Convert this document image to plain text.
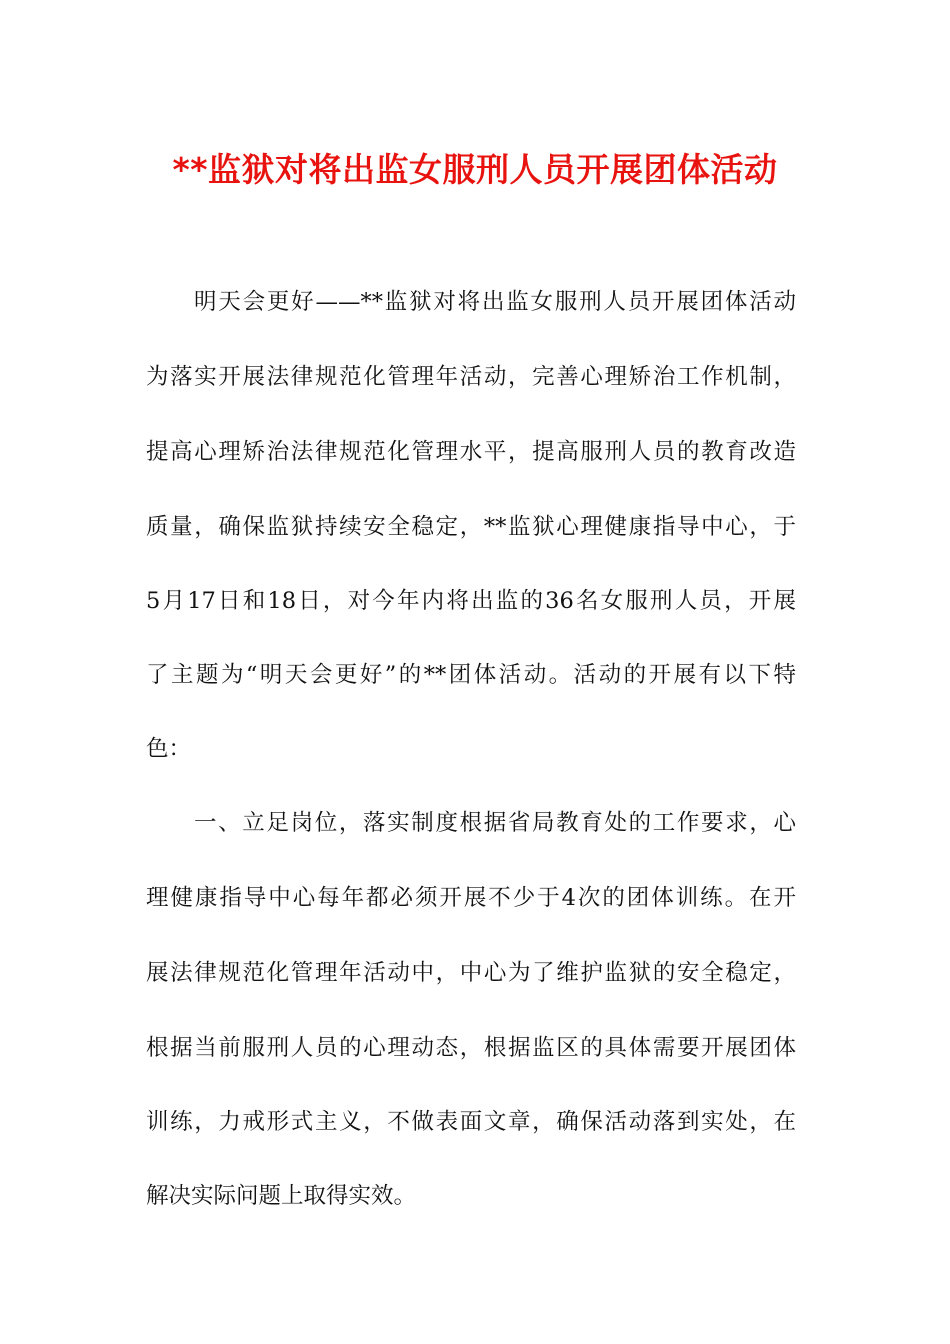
**监狱对将出监女服刑人员开展团体活动
明天会更好——**监狱对将出监女服刑人员开展团体活动
为落实开展法律规范化管理年活动，完善心理矫治工作机制，
提高心理矫治法律规范化管理水平，提高服刑人员的教育改造
质量，确保监狱持续安全稳定，**监狱心理健康指导中心，于
5月17日和18日，对今年内将出监的36名女服刑人员，开展
了主题为“明天会更好”的**团体活动。活动的开展有以下特
色：
一、立足岗位，落实制度根据省局教育处的工作要求，心
理健康指导中心每年都必须开展不少于4次的团体训练。在开
展法律规范化管理年活动中，中心为了维护监狱的安全稳定，
根据当前服刑人员的心理动态，根据监区的具体需要开展团体
训练，力戒形式主义，不做表面文章，确保活动落到实处，在
解决实际问题上取得实效。
